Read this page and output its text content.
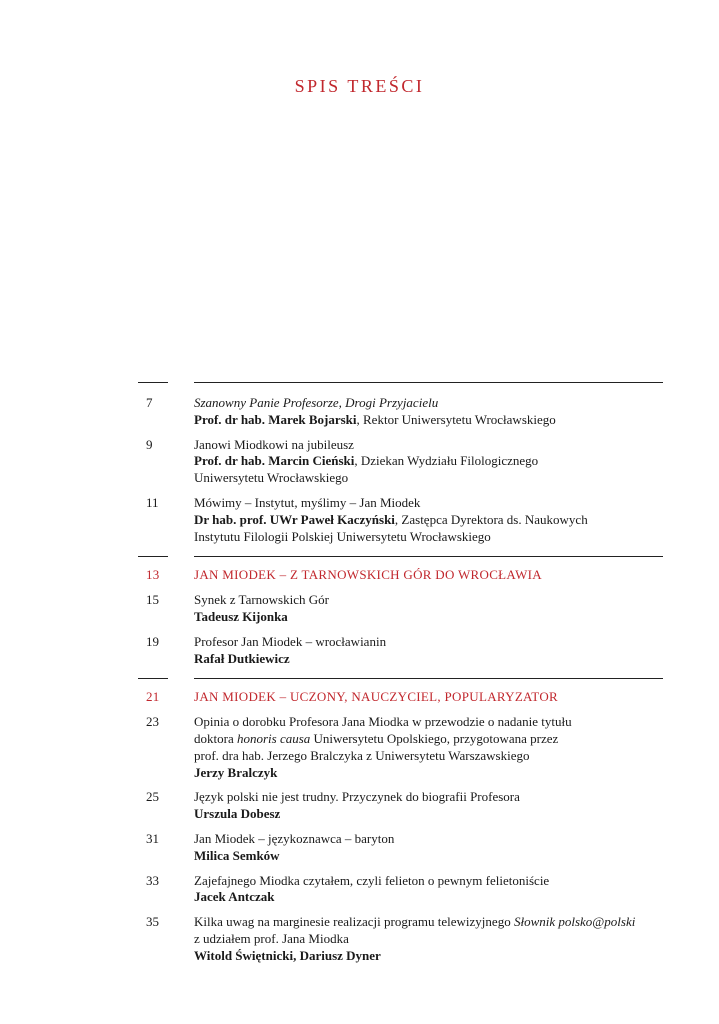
SPIS TREŚCI
7	Szanowny Panie Profesorze, Drogi Przyjacielu
Prof. dr hab. Marek Bojarski, Rektor Uniwersytetu Wrocławskiego
9	Janowi Miodkowi na jubileusz
Prof. dr hab. Marcin Cieński, Dziekan Wydziału Filologicznego
Uniwersytetu Wrocławskiego
11	Mówimy – Instytut, myślimy – Jan Miodek
Dr hab. prof. UWr Paweł Kaczyński, Zastępca Dyrektora ds. Naukowych
Instytutu Filologii Polskiej Uniwersytetu Wrocławskiego
13	JAN MIODEK – Z TARNOWSKICH GÓR DO WROCŁAWIA
15	Synek z Tarnowskich Gór
Tadeusz Kijonka
19	Profesor Jan Miodek – wrocławianin
Rafał Dutkiewicz
21	JAN MIODEK – UCZONY, NAUCZYCIEL, POPULARYZATOR
23	Opinia o dorobku Profesora Jana Miodka w przewodzie o nadanie tytułu
doktora honoris causa Uniwersytetu Opolskiego, przygotowana przez
prof. dra hab. Jerzego Bralczyka z Uniwersytetu Warszawskiego
Jerzy Bralczyk
25	Język polski nie jest trudny. Przyczynek do biografii Profesora
Urszula Dobesz
31	Jan Miodek – językoznawca – baryton
Milica Semków
33	Zajefajnego Miodka czytałem, czyli felieton o pewnym felietoniście
Jacek Antczak
35	Kilka uwag na marginesie realizacji programu telewizyjnego Słownik polsko@polski
z udziałem prof. Jana Miodka
Witold Świętnicki, Dariusz Dyner
